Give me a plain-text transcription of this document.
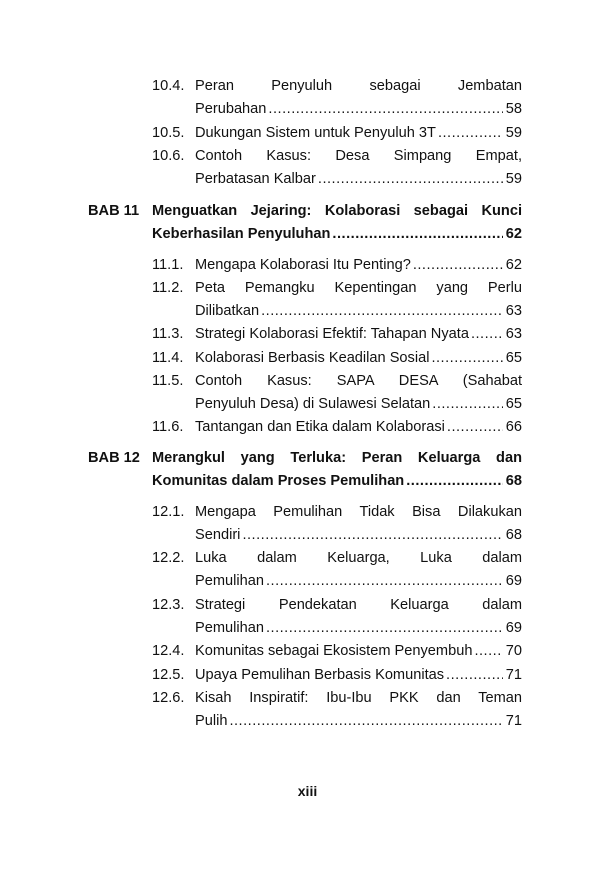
10.4. Peran Penyuluh sebagai Jembatan
Perubahan .....	58
10.5. Dukungan Sistem untuk Penyuluh 3T .....	59
10.6. Contoh Kasus: Desa Simpang Empat,
Perbatasan Kalbar .....	59
BAB 11 Menguatkan Jejaring: Kolaborasi sebagai Kunci
Keberhasilan Penyuluhan .....	62
11.1. Mengapa Kolaborasi Itu Penting? .....	62
11.2. Peta Pemangku Kepentingan yang Perlu
Dilibatkan .....	63
11.3. Strategi Kolaborasi Efektif: Tahapan Nyata .....	63
11.4. Kolaborasi Berbasis Keadilan Sosial .....	65
11.5. Contoh Kasus: SAPA DESA (Sahabat
Penyuluh Desa) di Sulawesi Selatan .....	65
11.6. Tantangan dan Etika dalam Kolaborasi .....	66
BAB 12 Merangkul yang Terluka: Peran Keluarga dan
Komunitas dalam Proses Pemulihan .....	68
12.1. Mengapa Pemulihan Tidak Bisa Dilakukan
Sendiri .....	68
12.2. Luka dalam Keluarga, Luka dalam
Pemulihan .....	69
12.3. Strategi Pendekatan Keluarga dalam
Pemulihan .....	69
12.4. Komunitas sebagai Ekosistem Penyembuh ..... 70
12.5. Upaya Pemulihan Berbasis Komunitas .....	71
12.6. Kisah Inspiratif: Ibu-Ibu PKK dan Teman
Pulih .....	71
xiii
